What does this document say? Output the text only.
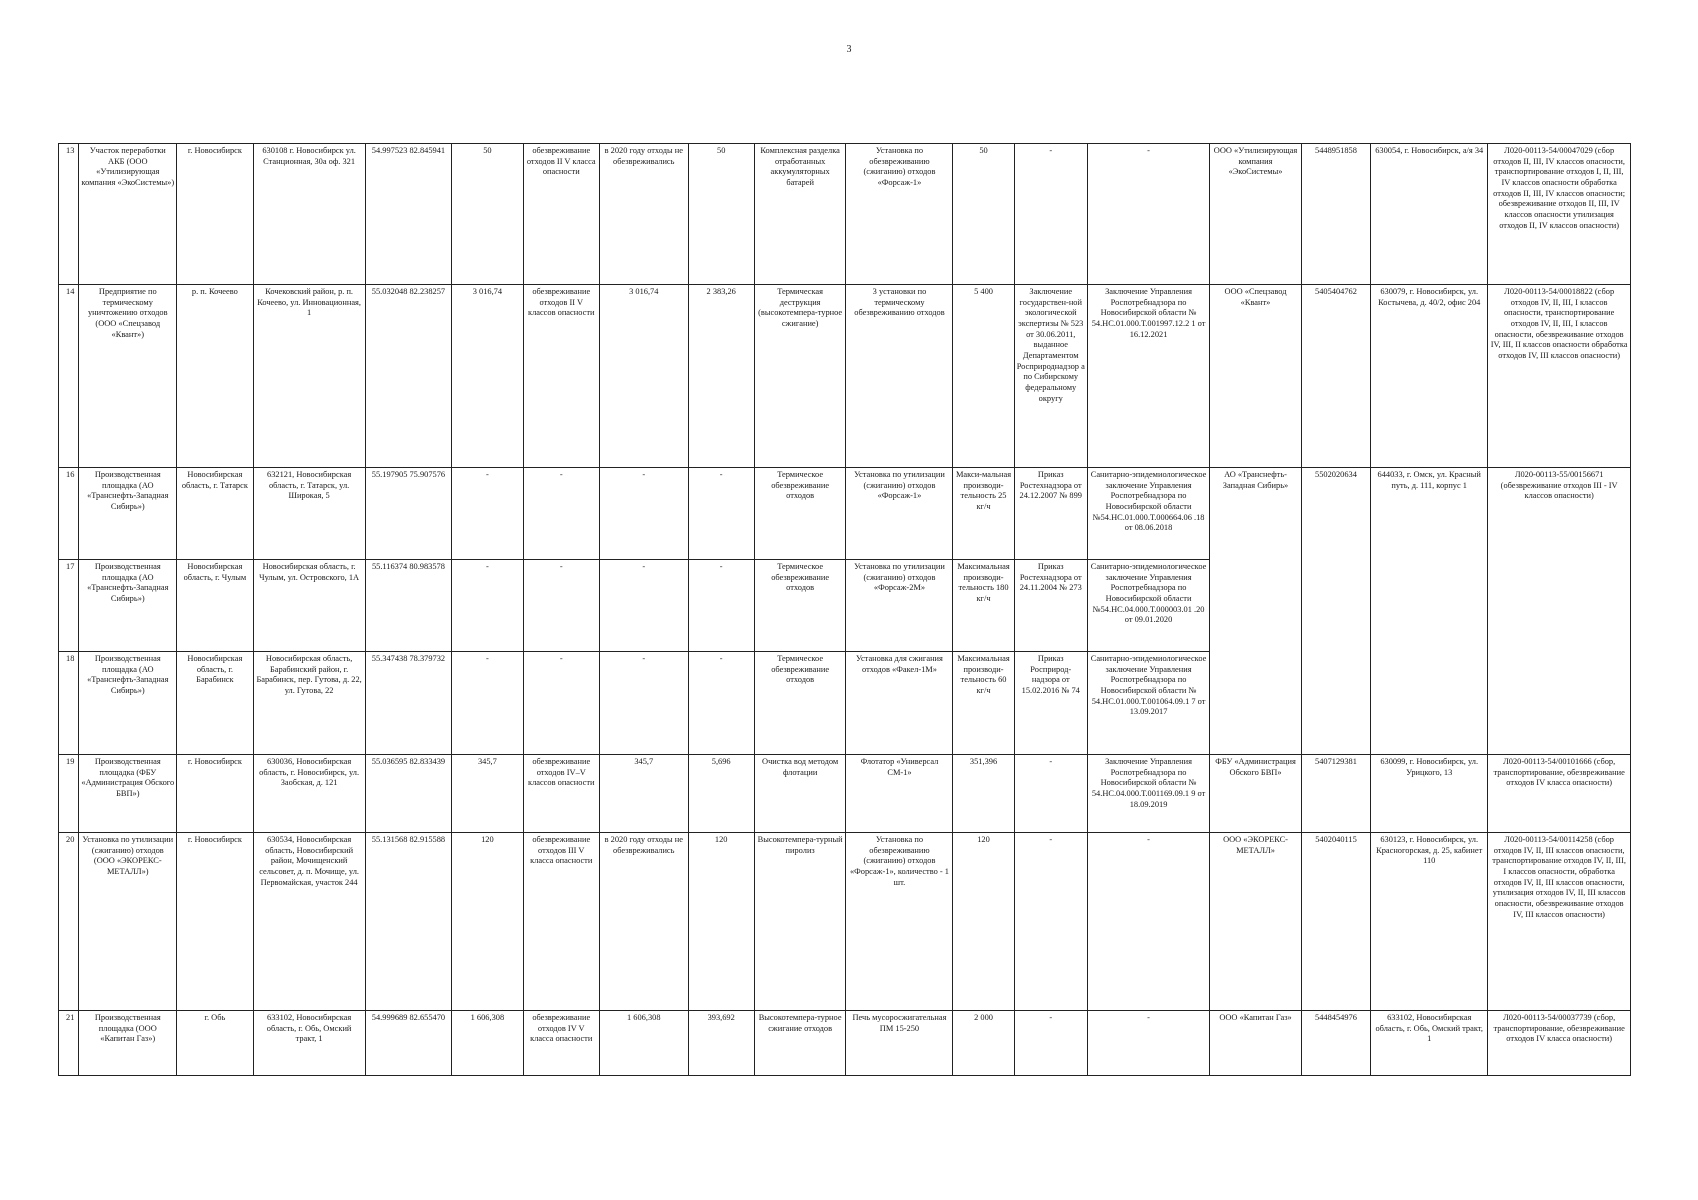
3
13	Участок переработки АКБ (ООО «Утилизирующая компания «ЭкоСистемы»)	г. Новосибирск	630108 г. Новосибирск ул. Станционная, 30а оф. 321	54.997523 82.845941	50	обезвреживание отходов II V класса опасности	в 2020 году отходы не обезвреживались	50	Комплексная разделка отработанных аккумуляторных батарей	Установка по обезвреживанию (сжиганию) отходов «Форсаж-1»	50	-	-	ООО «Утилизирующая компания «ЭкоСистемы»	5448951858	630054, г. Новосибирск, а/я 34	Л020-00113-54/00047029 (сбор отходов II, III, IV классов опасности, транспортирование отходов I, II, III, IV классов опасности обработка отходов II, III, IV классов опасности; обезвреживание отходов II, III, IV классов опасности утилизация отходов II, IV классов опасности)
14	Предприятие по термическому уничтожению отходов (ООО «Спецзавод «Квант»)	р. п. Кочеево	Кочековский район, р. п. Кочеево, ул. Инновационная, 1	55.032048 82.238257	3 016,74	обезвреживание отходов II V классов опасности	3 016,74	2 383,26	Термическая деструкция (высокотемпера-турное сжигание)	3 установки по термическому обезвреживанию отходов	5 400	Заключение государствен-ной экологической экспертизы № 523 от 30.06.2011, выданное Департаментом Росприроднадзор а по Сибирскому федеральному округу	Заключение Управления Роспотребнадзора по Новосибирской области № 54.НС.01.000.Т.001997.12.2 1 от 16.12.2021	ООО «Спецзавод «Квант»	5405404762	630079, г. Новосибирск, ул. Костычева, д. 40/2, офис 204	Л020-00113-54/00018822 (сбор отходов IV, II, III, I классов опасности, транспортирование отходов IV, II, III, I классов опасности, обезвреживание отходов IV, III, II классов опасности обработка отходов IV, III классов опасности)
16	Производственная площадка (АО «Транснефть-Западная Сибирь»)	Новосибирская область, г. Татарск	632121, Новосибирская область, г. Татарск, ул. Широкая, 5	55.197905 75.907576	-	-	-	-	Термическое обезвреживание отходов	Установка по утилизации (сжиганию) отходов «Форсаж-1»	Макси-мальная производи-тельность 25 кг/ч	Приказ Ростехнадзора от 24.12.2007 № 899	Санитарно-эпидемиологическое заключение Управления Роспотребнадзора по Новосибирской области №54.НС.01.000.Т.000664.06 .18 от 08.06.2018	АО «Транснефть-Западная Сибирь»	5502020634	644033, г. Омск, ул. Красный путь, д. 111, корпус 1	Л020-00113-55/00156671 (обезвреживание отходов III - IV классов опасности)
17	Производственная площадка (АО «Транснефть-Западная Сибирь»)	Новосибирская область, г. Чулым	Новосибирская область, г. Чулым, ул. Островского, 1А	55.116374 80.983578	-	-	-	-	Термическое обезвреживание отходов	Установка по утилизации (сжиганию) отходов «Форсаж-2М»	Максимальная производи-тельность 180 кг/ч	Приказ Ростехнадзора от 24.11.2004 № 273	Санитарно-эпидемиологическое заключение Управления Роспотребнадзора по Новосибирской области №54.НС.04.000.Т.000003.01 .20 от 09.01.2020				
18	Производственная площадка (АО «Транснефть-Западная Сибирь»)	Новосибирская область, г. Барабинск	Новосибирская область, Барабинский район, г. Барабинск, пер. Гутова, д. 22, ул. Гутова, 22	55.347438 78.379732	-	-	-	-	Термическое обезвреживание отходов	Установка для сжигания отходов «Факел-1М»	Максимальная производи-тельность 60 кг/ч	Приказ Росприрод-надзора от 15.02.2016 № 74	Санитарно-эпидемиологическое заключение Управления Роспотребнадзора по Новосибирской области № 54.НС.01.000.Т.001064.09.1 7 от 13.09.2017				
19	Производственная площадка (ФБУ «Администрация Обского БВП»)	г. Новосибирск	630036, Новосибирская область, г. Новосибирск, ул. Заобская, д. 121	55.036595 82.833439	345,7	обезвреживание отходов IV–V классов опасности	345,7	5,696	Очистка вод методом флотации	Флотатор «Универсал СМ-1»	351,396	-	Заключение Управления Роспотребнадзора по Новосибирской области № 54.НС.04.000.Т.001169.09.1 9 от 18.09.2019	ФБУ «Администрация Обского БВП»	5407129381	630099, г. Новосибирск, ул. Урицкого, 13	Л020-00113-54/00101666 (сбор, транспортирование, обезвреживание отходов IV класса опасности)
20	Установка по утилизации (сжиганию) отходов (ООО «ЭКОРЕКС-МЕТАЛЛ»)	г. Новосибирск	630534, Новосибирская область, Новосибирский район, Мочищенский сельсовет, д. п. Мочище, ул. Первомайская, участок 244	55.131568 82.915588	120	обезвреживание отходов III V класса опасности	в 2020 году отходы не обезвреживались	120	Высокотемпера-турный пиролиз	Установка по обезвреживанию (сжиганию) отходов «Форсаж-1», количество - 1 шт.	120	-	-	ООО «ЭКОРЕКС-МЕТАЛЛ»	5402040115	630123, г. Новосибирск, ул. Красногорская, д. 25, кабинет 110	Л020-00113-54/00114258 (сбор отходов IV, II, III классов опасности, транспортирование отходов IV, II, III, I классов опасности, обработка отходов IV, II, III классов опасности, утилизация отходов IV, II, III классов опасности, обезвреживание отходов IV, III классов опасности)
21	Производственная площадка (ООО «Капитан Газ»)	г. Обь	633102, Новосибирская область, г. Обь, Омский тракт, 1	54.999689 82.655470	1 606,308	обезвреживание отходов IV V класса опасности	1 606,308	393,692	Высокотемпера-турное сжигание отходов	Печь мусоросжигательная ПМ 15-250	2 000	-	-	ООО «Капитан Газ»	5448454976	633102, Новосибирская область, г. Обь, Омский тракт, 1	Л020-00113-54/00037739 (сбор, транспортирование, обезвреживание отходов IV класса опасности)
